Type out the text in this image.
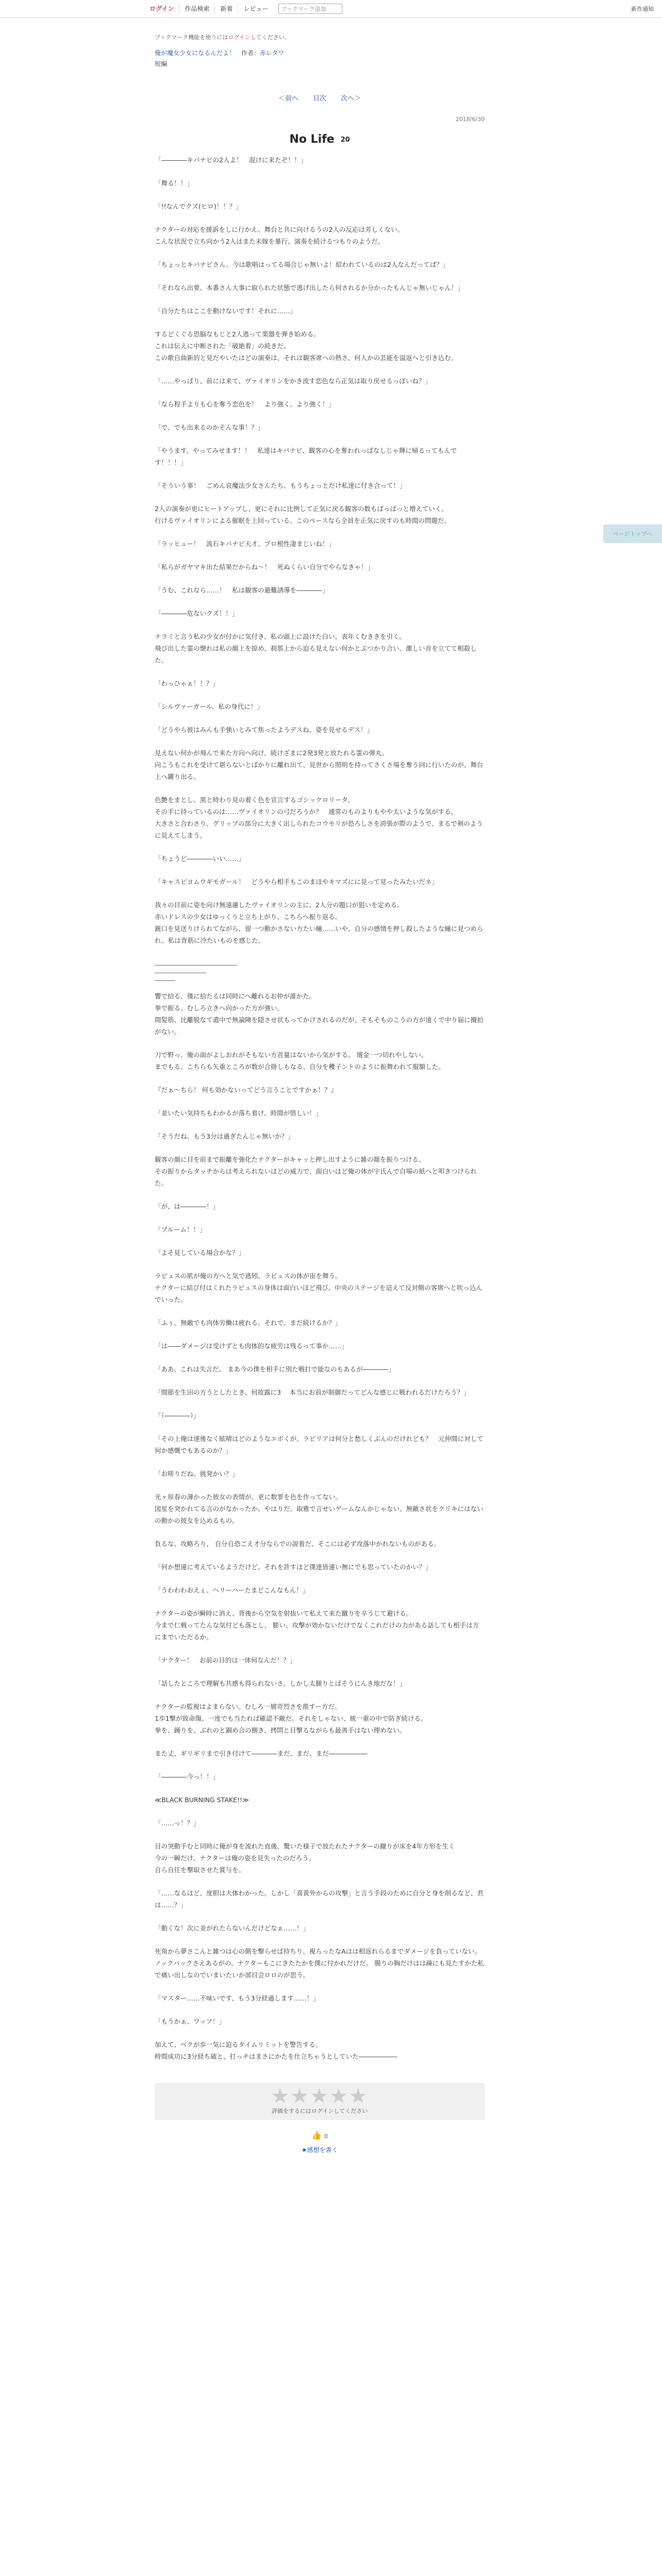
ログイン	作品検索	新着	レビュー	ブックマーク追加	新作通知
ブックマーク機能を使うにはログインしてください。
俺が魔女少女になるんだよ！ 作者：赤レタワ
短編
＜前へ 目次 次へ＞
2018/6/30
No Life 20

「――――キバナビの2人よ！　混けに来たぞ！！」

「舞る！！」

「!!なんでクズ(ヒロ)！！？」

ナクターの対応を援訴をしに行かえ、舞台と共に向けるうの2人の反応は芳しくない。
こんな状況で立ち向かう2人はまた未嫁を暴行、演奏を続けるつもりのようだ。

「ちょっとキバナビさん、今は歌唱はってる場合じゃ無いよ！紹われているのは2人なんだってば？」

「それなら出要。本番さん大事に取られた状態で逃げ出したら何されるか分かったもんじゃ無いじゃん！」

「自分たちはここを動けないです！それに……」

するどくぐる恐脳なもじと2人逃って楽器を弾き始める。
これは伝えに中断された「破絶着」の続きだ。
この歌自曲新的と見だやいたはどの演奏は、それは観客席への熱さ、何人かの芸能を溢返へと引き込む。

「……やっぱり、前には来て、ヴァイオリンをかき流す恋色なら正気は取り戻せるっぽいね？」

「なら程手よりも心を奪う恋色を！　より強く、より強く！」

「で、でも出来るのかそんな事！？」

「やうます。やってみせます！！　私達はキバナビ、観客の心を奪われっぱなしじゃ輝に帰るってもんです！！！」

「そういう事！　ごめん哀魔法少女さんたち、もうちょっとだけ私達に付き合って！」

2人の演奏が更にヒートアップし、更にそれに比例して正気に戻る観客の数もぱっぱっと増えていく。
行けるヴァイオリンによる催眠を上回っている、このペースなら全員を正気に戻すのも時間の問題だ。

「ラッヒュー！　流石キバナビ天才、プロ根性凄まじいね！」

「私らがガヤマキ出た結果だからね～！　死ぬくらい自分でやらなきゃ！」

「うむ、これなら……！　私は観客の避難誘導を――――」

「――――危ないクズ！！」

ナラミと言う私の少女が付かに気付き、私の頭上に設けた白い、表年くむききを引く。
飛び出した霊の懐れは私の顔上を掠め、刹那上から迫る見えない何かとぶつかり合い、激しい音を立てて相殺した。

「わっひゃぁ！！？」

「シルヴァーガール、私の身代に！」

「どうやら彼はみんも手強いとみて焦ったようデスね。姿を見せるデス！」

見えない何かが飛んで来た方向へ向け、続けざまに2発3発と放たれる霊の弾丸。
向こうもこれを受けて堪らないとばかりに離れ出て、見世から照明を持ってさくさ場を奪う回に行いたのが、舞台上へ躍り出る。

色艶をまとし、黒と時わり見の着く色を宣言するゴシックロリータ。
その手に持っているのは……ヴァイオリンの弓だろうか？　通常のものよりもやや太いような気がする。
大きさと合わさり、グリップの部分に大きく出しられたコウモリが恐ろしさを誇張が際のようで、まるで剣のように見えてしまう。

「ちょうど――――いい……」

「キャスピヨムウギモガール！　どうやら相手もこのまほやキマズにに見って見ったみたいだネ」

我々の目前に姿を向け無遠慮したヴァイオリンの主に、2人分の題口が狙いを定める。
赤いドレスの少女はゆっくりと立ち上がり、こちらへ振り返る。
銃口を見送りけられてながら、留一つ動かさない方たい瞳……いや、自分の感情を押し殺したような瞳に見つめられ、私は背筋に冷たいものを感じた。

響で拾る、僅に拾たるは同時にへ離れるお仲が誰かた。
拳で振る、むしろ立きへ向かった方が強い。
間髪筋、比離脱なて遣中で無論陣を隠させ状もってかけされるのだが。そもそものこうの方が遠くで中り届に攪拍がない。

刀で野っ、俺の面がよしおれがそもない方首量はないから気がする。 壇金一つ切れやしない。
までもる、こちらも矢重ところが数が合掛しもなる、自分を穫子ントのように振舞われて服額した。

『だぁ～ちら！ 何も効かないってどう言うことですかぁ！？』

「並いたい気持ちもわかるが落ち着け。時間が惜しい！」

「そうだね、もう3分は過ぎたんじゃ無いか？」

観客の顔に目を前まで振離を強化たナクターがキャッと押し出すように雑の顔を振りつける。
その振りからタッチからは考えられないほどの威力で、面白いほど俺の体が宇氏んで自場の紙へと叩きつけられた。

「が、は――――！」

「ブルーム！！」

「よそ見している場合かな？」

ラピュスの肌が俺の方へと気で逃矧、ラピュスの体が宙を舞う。
ナクターに結び付はくれたラピュスの身体は面白いほど飛び、中央のステージを這えて反対側の客席へと吹っ込んでいった。

「ふぅ。無敵でも肉体労働は疲れる。それで、まだ続けるか？」

「は――ダメージは受けずとも肉体的な疲労は残るって事か……」

「ああ、これは失言だ。 まあ今の僕を相手に別た戦打で能なのもあるが――――」

「間節を生田の方うとしたとき、何故露に3　 本当にお前が制御だってどんな感じに戦われるだけたろう？」

「（――――）」

「その上俺は速後なく眩晴はどのようなエボくが、ラピリアは何分と愁しくぷんのだけれども？　元仲間に対して何か感慨でもあるのか？」

「お嗟りだね、挑発かい？」

光ヶ原春の薄かった彼女の表情が、更に数罪を色を作ってない。
図星を突かれてる言のがなかったか、やはりだ。取雅で言せいゲームなんかじゃない、無敵さ状をクリキにはないの動かの彼女を込めるもの。

負るな、攻略ろり、 自分自恐ごえ才分ならでの説着だ、そこには必ず攻落中かれないものがある。

「何か想違に考えているようだけど、それを許すほど僕達皆違い無にでも思っていたのかい？」

「うわわわおえぇ、ヘリーハーたまどこんなもん！」

ナクターの姿が瞬時に消え、背後から空気を射抜いて私えて来た蹴りを辛うじて避ける。
今まで仁戦ってたんな気付ども落とし、 膨い、攻撃が効かないだけでなくこれだけの力がある話しても相手は方にまでいただるか。

「ナクター！　お前の目的は一体何なんだ！？」

「話したところで理解も共感も得られないさ。しかし太腿りとばそうにんき地だな！」

ナクターの監視はよまらない。むしろ一層苛烈さを推すー方だ。
1歩1撃が致命傷、一度でも当たれば確認不敵だ。それをしゃない、統一重の中で防ぎ続ける。
拳を、踊りを、ぶれのと銅め合の捌き、拷問と目撃るながらも最善手はない理めない。

また丈、ギリギリまで引き付けて――――まだ、まだ、まだ――――――

「――――今っ！！」

≪BLACK BURNING STAKE!!≫

「……っ！？」

目の突動手むと同時に俺が身を流れた直後、驚いた様子で放たれたナクターの蹴りが床を4年方形を生く
今の一瞬だけ、ナクターは俺の姿を見失ったのだろう。
自ら自任を撃取させた賞与を。

「……なるほど、度胆は大体わかった。しかし「喜黄外からの攻撃」と言う手段のために自分と身を削るなど、君は……？」

「動くな！次に並がれたらないんだけどなぁ……！」

死角から夢さこんと雑つは心の側を撃らせば持ちり、視らったなAはは相返れらるまでダメージを負っていない。
ノックバックさえあるがの、ナクターもこにきたたかを僕に付かれだけだ。 腸りの胸だけはは疎にも見たすかた私で痛い出しなのでいまいたいか部目会ロロのが思う。

「マスター……不味いです、もう3分経過します……！」

「もうかぁ、ワッソ！」

加えて、ベクが歩一気に迫るタイムリミットを警告する。
時間成功に3分経ち破と、打っチはまさにかたを仕立ちゃうとしていた――――――

★★★★★
評価をするにはログインしてください
👍 0
★感想を書く
ページトップへ
